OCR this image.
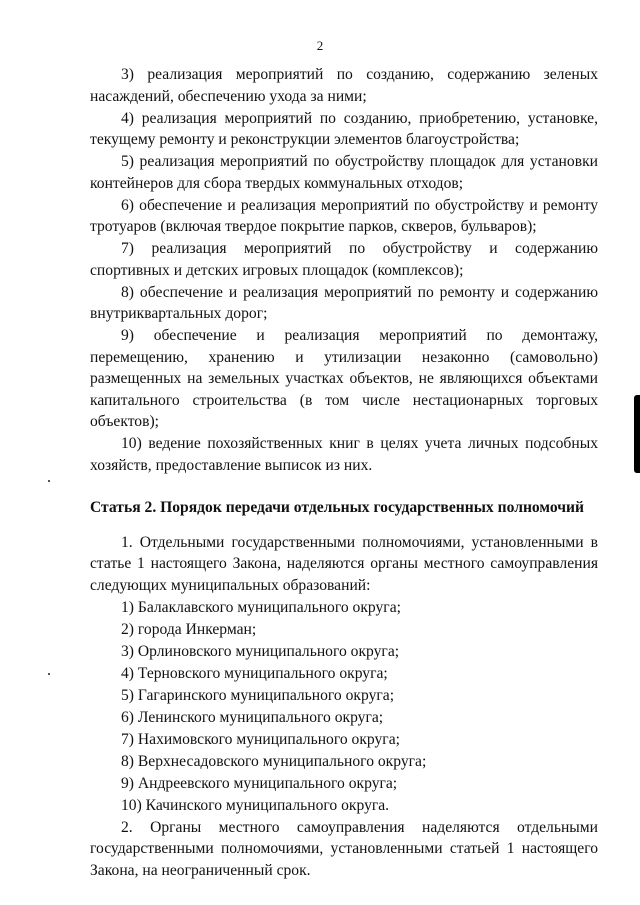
2

3) реализация мероприятий по созданию, содержанию зеленых насаждений, обеспечению ухода за ними;

4) реализация мероприятий по созданию, приобретению, установке, текущему ремонту и реконструкции элементов благоустройства;

5) реализация мероприятий по обустройству площадок для установки контейнеров для сбора твердых коммунальных отходов;

6) обеспечение и реализация мероприятий по обустройству и ремонту тротуаров (включая твердое покрытие парков, скверов, бульваров);

7) реализация мероприятий по обустройству и содержанию спортивных и детских игровых площадок (комплексов);

8) обеспечение и реализация мероприятий по ремонту и содержанию внутриквартальных дорог;

9) обеспечение и реализация мероприятий по демонтажу, перемещению, хранению и утилизации незаконно (самовольно) размещенных на земельных участках объектов, не являющихся объектами капитального строительства (в том числе нестационарных торговых объектов);

10) ведение похозяйственных книг в целях учета личных подсобных хозяйств, предоставление выписок из них.

Статья 2. Порядок передачи отдельных государственных полномочий

1. Отдельными государственными полномочиями, установленными в статье 1 настоящего Закона, наделяются органы местного самоуправления следующих муниципальных образований:

1) Балаклавского муниципального округа;

2) города Инкерман;

3) Орлиновского муниципального округа;

4) Терновского муниципального округа;

5) Гагаринского муниципального округа;

6) Ленинского муниципального округа;

7) Нахимовского муниципального округа;

8) Верхнесадовского муниципального округа;

9) Андреевского муниципального округа;

10) Качинского муниципального округа.

2. Органы местного самоуправления наделяются отдельными государственными полномочиями, установленными статьей 1 настоящего Закона, на неограниченный срок.
